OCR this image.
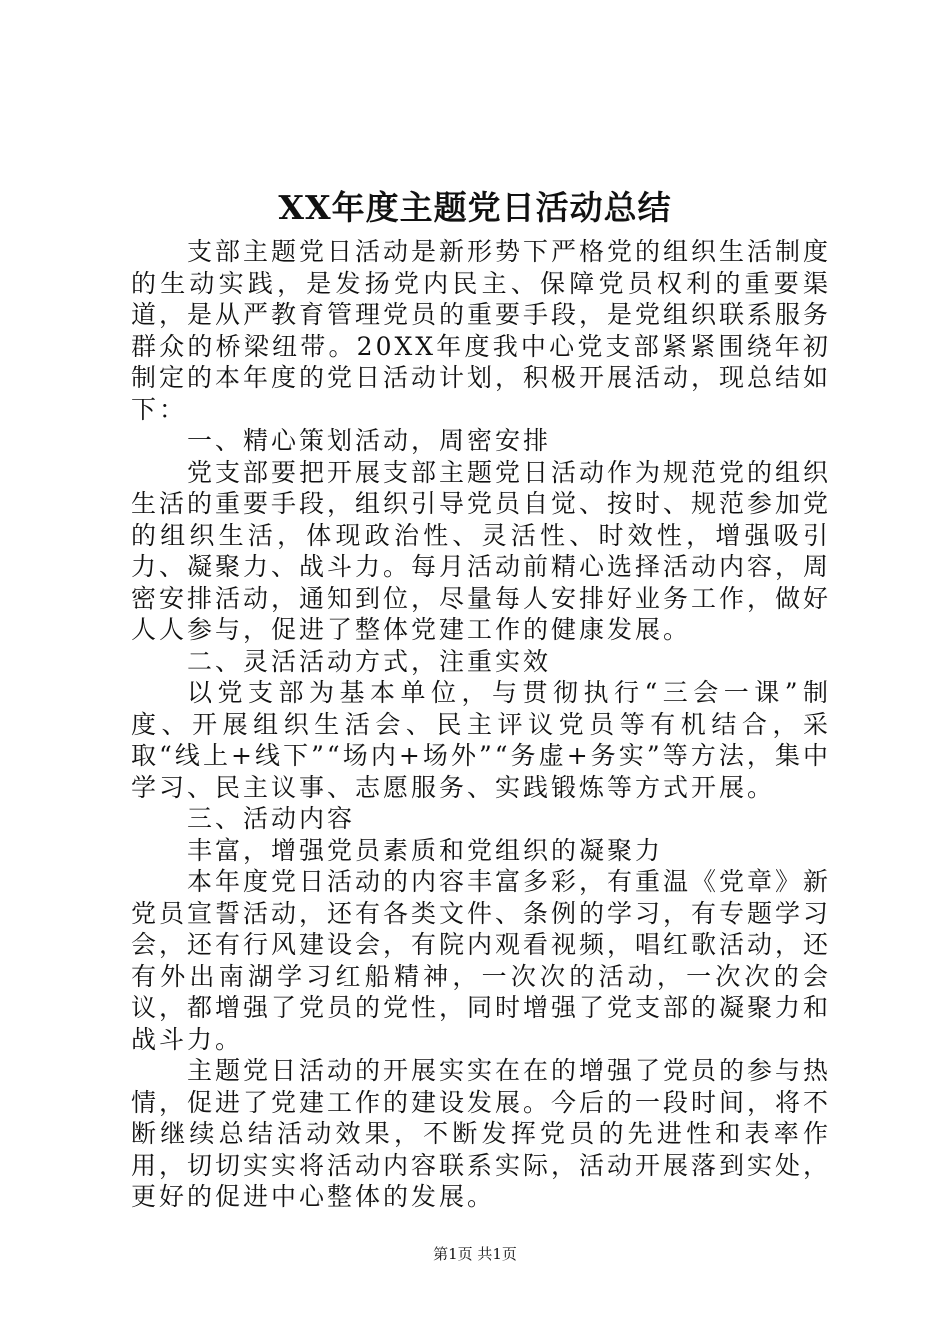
XX年度主题党日活动总结

支部主题党日活动是新形势下严格党的组织生活制度的生动实践，是发扬党内民主、保障党员权利的重要渠道，是从严教育管理党员的重要手段，是党组织联系服务群众的桥梁纽带。20XX年度我中心党支部紧紧围绕年初制定的本年度的党日活动计划，积极开展活动，现总结如下：

一、精心策划活动，周密安排

党支部要把开展支部主题党日活动作为规范党的组织生活的重要手段，组织引导党员自觉、按时、规范参加党的组织生活，体现政治性、灵活性、时效性，增强吸引力、凝聚力、战斗力。每月活动前精心选择活动内容，周密安排活动，通知到位，尽量每人安排好业务工作，做好人人参与，促进了整体党建工作的健康发展。

二、灵活活动方式，注重实效

以党支部为基本单位，与贯彻执行“三会一课”制度、开展组织生活会、民主评议党员等有机结合，采取“线上+线下”“场内+场外”“务虚+务实”等方法，集中学习、民主议事、志愿服务、实践锻炼等方式开展。

三、活动内容

丰富，增强党员素质和党组织的凝聚力

本年度党日活动的内容丰富多彩，有重温《党章》新党员宣誓活动，还有各类文件、条例的学习，有专题学习会，还有行风建设会，有院内观看视频，唱红歌活动，还有外出南湖学习红船精神，一次次的活动，一次次的会议，都增强了党员的党性，同时增强了党支部的凝聚力和战斗力。

主题党日活动的开展实实在在的增强了党员的参与热情，促进了党建工作的建设发展。今后的一段时间，将不断继续总结活动效果，不断发挥党员的先进性和表率作用，切切实实将活动内容联系实际，活动开展落到实处，更好的促进中心整体的发展。

第1页 共1页
